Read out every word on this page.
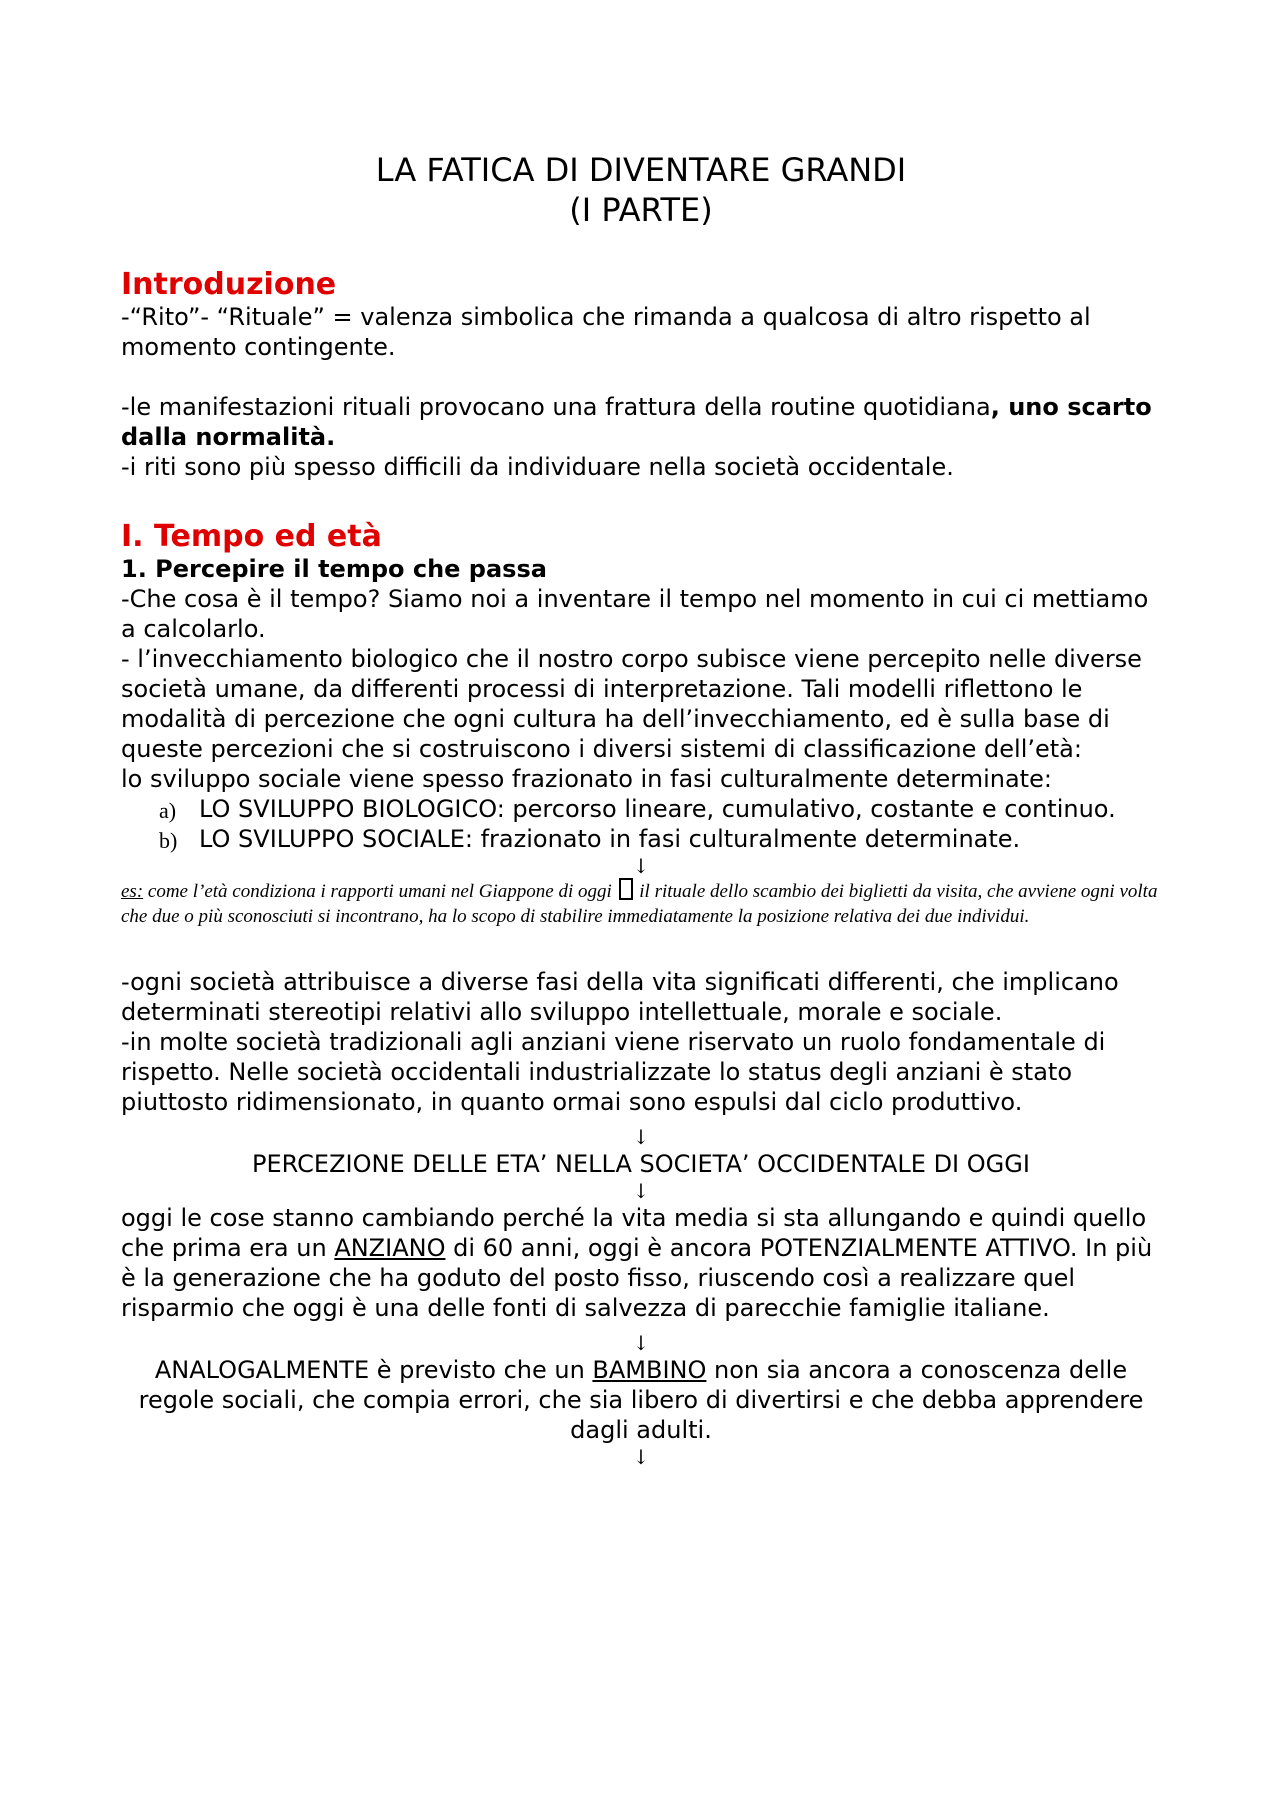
LA FATICA DI DIVENTARE GRANDI

(I PARTE)

Introduzione

-“Rito”- “Rituale” = valenza simbolica che rimanda a qualcosa di altro rispetto al momento contingente.

-le manifestazioni rituali provocano una frattura della routine quotidiana, uno scarto dalla normalità.

-i riti sono più spesso difficili da individuare nella società occidentale.

I. Tempo ed età

1. Percepire il tempo che passa

-Che cosa è il tempo? Siamo noi a inventare il tempo nel momento in cui ci mettiamo a calcolarlo.

- l’invecchiamento biologico che il nostro corpo subisce viene percepito nelle diverse società umane, da differenti processi di interpretazione. Tali modelli riflettono le modalità di percezione che ogni cultura ha dell’invecchiamento, ed è sulla base di queste percezioni che si costruiscono i diversi sistemi di classificazione dell’età:

lo sviluppo sociale viene spesso frazionato in fasi culturalmente determinate:

a) LO SVILUPPO BIOLOGICO: percorso lineare, cumulativo, costante e continuo.
b) LO SVILUPPO SOCIALE: frazionato in fasi culturalmente determinate.

↓

es: come l’età condiziona i rapporti umani nel Giappone di oggi il rituale dello scambio dei biglietti da visita, che avviene ogni volta che due o più sconosciuti si incontrano, ha lo scopo di stabilire immediatamente la posizione relativa dei due individui.

-ogni società attribuisce a diverse fasi della vita significati differenti, che implicano determinati stereotipi relativi allo sviluppo intellettuale, morale e sociale.

-in molte società tradizionali agli anziani viene riservato un ruolo fondamentale di rispetto. Nelle società occidentali industrializzate lo status degli anziani è stato piuttosto ridimensionato, in quanto ormai sono espulsi dal ciclo produttivo.

↓

PERCEZIONE DELLE ETA’ NELLA SOCIETA’ OCCIDENTALE DI OGGI

↓

oggi le cose stanno cambiando perché la vita media si sta allungando e quindi quello che prima era un ANZIANO di 60 anni, oggi è ancora POTENZIALMENTE ATTIVO. In più è la generazione che ha goduto del posto fisso, riuscendo così a realizzare quel risparmio che oggi è una delle fonti di salvezza di parecchie famiglie italiane.

↓

ANALOGALMENTE è previsto che un BAMBINO non sia ancora a conoscenza delle regole sociali, che compia errori, che sia libero di divertirsi e che debba apprendere dagli adulti.

↓
